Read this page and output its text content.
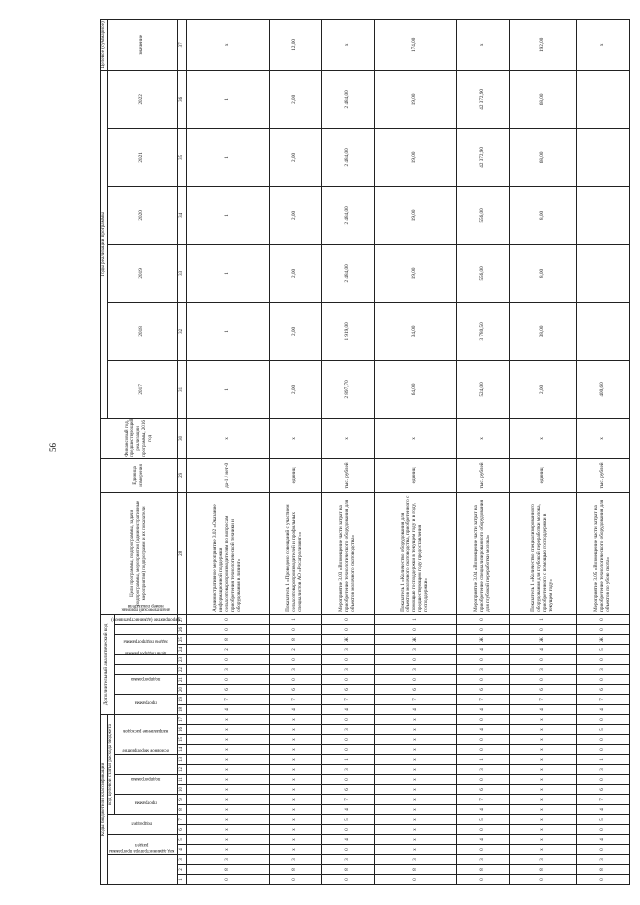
56
Коды бюджетной классификации																	Дополнительный аналитический код										Цели программы, подпрограммы, задачи подпрограммы, мероприятия (административные мероприятия) подпрограмм и их показатели	Единица измерения	Финансовый год, предшествующий реализации программы, 2016 год	Годы реализации программы						Целевое (суммарное)
код администратора программы			раздел		подраздел		код целевой статьи расхода бюджета																							2017	2018	2019	2020	2021	2022	значение
							программа		подпрограмма		основное мероприятие		направление расходов				программа		подпрограмма		цель подпрограммы	задача подпрограммы	мероприятие (административное)		аналитический признак	номер показателя										
1	2	3	4	5	6	7	8	9	10	11	12	13	14	15	16	17	18	19	20	21	22	23	24	25	26	27	28	29	30	31	32	33	34	35	36	37
0	8	3	х	х	х	х	х	х	х	х	х	х	х	х	х	х	4	7	6	0	3	0	2	8	0	0	Административное мероприятие 3.02 «Оказание информационной поддержки сельхозтоваропроизводителям по вопросам приобретения технологической техники и оборудования в лизинг»	да-1 / нет-0	х	1	1	1	1	1	1	х
0	8	3	х	х	х	х	х	х	х	х	х	х	х	х	х	х	4	7	6	0	3	0	2	8	0	1	Показатель 1 «Проведено совещаний с участием сельхозтоваропроизводителей и профильных специалистов АО «Росагролизинг»»	единиц	х	2,00	2,00	2,00	2,00	2,00	2,00	12,00
0	8	3	0	4	0	5	4	7	6	0	3	1	0	0	3	0	4	7	6	0	3	0	3	Ж	0	0	Мероприятие 3.03 «Возмещение части затрат на приобретение технологического оборудования для объектов молочного скотоводства»	тыс. рублей	х	2 897,70	1 919,00	2 484,00	2 484,00	2 484,00	2 484,00	х
0	8	3	х	х	х	х	х	х	х	х	х	х	х	х	х	х	4	7	6	0	3	0	3	Ж	0	1	Показатель 1 «Количество оборудования для объектов молочного скотоводства, приобретенного с помощью господдержки в текущем году и в году, предшествующем году предоставления господдержки»	единиц	х	64,00	34,00	19,00	19,00	19,00	19,00	174,00
0	8	3	0	4	0	5	4	7	6	0	3	1	0	0	4	0	4	7	6	0	3	0	4	Ж	0	0	Мероприятие 3.04 «Возмещение части затрат на приобретение специализированного оборудования для глубокой переработки молока»	тыс. рублей	х	524,00	3 780,50	556,00	556,00	42 372,90	42 372,90	х
0	8	3	х	х	х	х	х	х	х	х	х	х	х	х	х	х	4	7	6	0	3	0	4	Ж	0	1	Показатель 1 «Количество специализированного оборудования для глубокой переработки молока, приобретенного с помощью господдержки в текущем году»	единиц	х	2,00	38,00	8,00	8,00	68,00	68,00	192,00
0	8	3	0	4	0	5	4	7	6	0	3	1	0	0	5	0	4	7	6	0	3	0	5	Ж	0	0	Мероприятие 3.05 «Возмещение части затрат на приобретение технологического оборудования для объектов по убою скота»	тыс. рублей	х	400,60						х
